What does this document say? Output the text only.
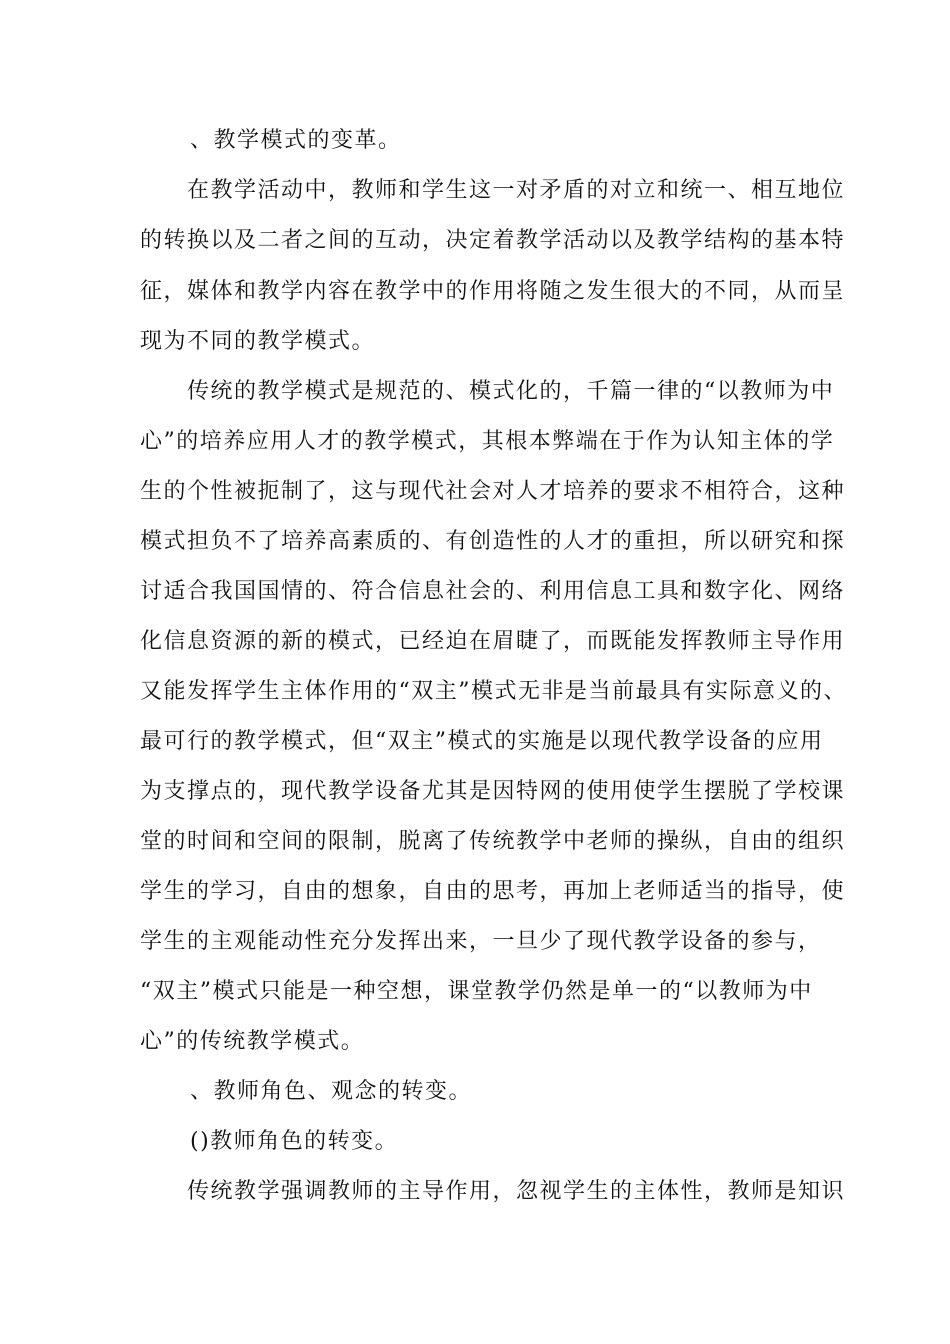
、教学模式的变革。
在教学活动中，教师和学生这一对矛盾的对立和统一、相互地位
的转换以及二者之间的互动，决定着教学活动以及教学结构的基本特
征，媒体和教学内容在教学中的作用将随之发生很大的不同，从而呈
现为不同的教学模式。
传统的教学模式是规范的、模式化的，千篇一律的“以教师为中
心”的培养应用人才的教学模式，其根本弊端在于作为认知主体的学
生的个性被扼制了，这与现代社会对人才培养的要求不相符合，这种
模式担负不了培养高素质的、有创造性的人才的重担，所以研究和探
讨适合我国国情的、符合信息社会的、利用信息工具和数字化、网络
化信息资源的新的模式，已经迫在眉睫了，而既能发挥教师主导作用
又能发挥学生主体作用的“双主”模式无非是当前最具有实际意义的、
最可行的教学模式，但“双主”模式的实施是以现代教学设备的应用
为支撑点的，现代教学设备尤其是因特网的使用使学生摆脱了学校课
堂的时间和空间的限制，脱离了传统教学中老师的操纵，自由的组织
学生的学习，自由的想象，自由的思考，再加上老师适当的指导，使
学生的主观能动性充分发挥出来，一旦少了现代教学设备的参与，
“双主”模式只能是一种空想，课堂教学仍然是单一的“以教师为中
心”的传统教学模式。
、教师角色、观念的转变。
()教师角色的转变。
传统教学强调教师的主导作用，忽视学生的主体性，教师是知识
